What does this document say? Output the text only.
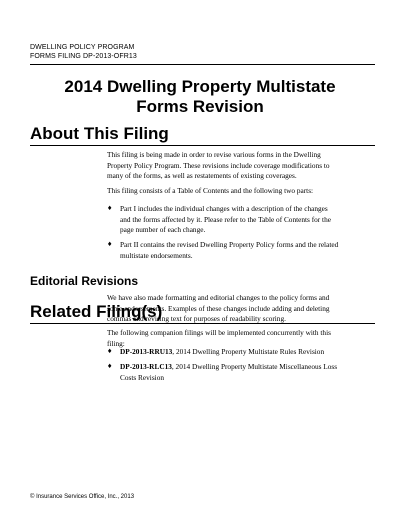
DWELLING POLICY PROGRAM
FORMS FILING DP-2013-OFR13
2014 Dwelling Property Multistate
Forms Revision
About This Filing

This filing is being made in order to revise various forms in the Dwelling Property Policy Program. These revisions include coverage modifications to many of the forms, as well as restatements of existing coverages.

This filing consists of a Table of Contents and the following two parts:

♦ Part I includes the individual changes with a description of the changes and the forms affected by it. Please refer to the Table of Contents for the page number of each change.
♦ Part II contains the revised Dwelling Property Policy forms and the related multistate endorsements.
Editorial Revisions

We have also made formatting and editorial changes to the policy forms and some endorsements. Examples of these changes include adding and deleting commas and revising text for purposes of readability scoring.

Related Filing(s)

The following companion filings will be implemented concurrently with this filing:

♦ DP-2013-RRU13, 2014 Dwelling Property Multistate Rules Revision
♦ DP-2013-RLC13, 2014 Dwelling Property Multistate Miscellaneous Loss Costs Revision
© Insurance Services Office, Inc., 2013
